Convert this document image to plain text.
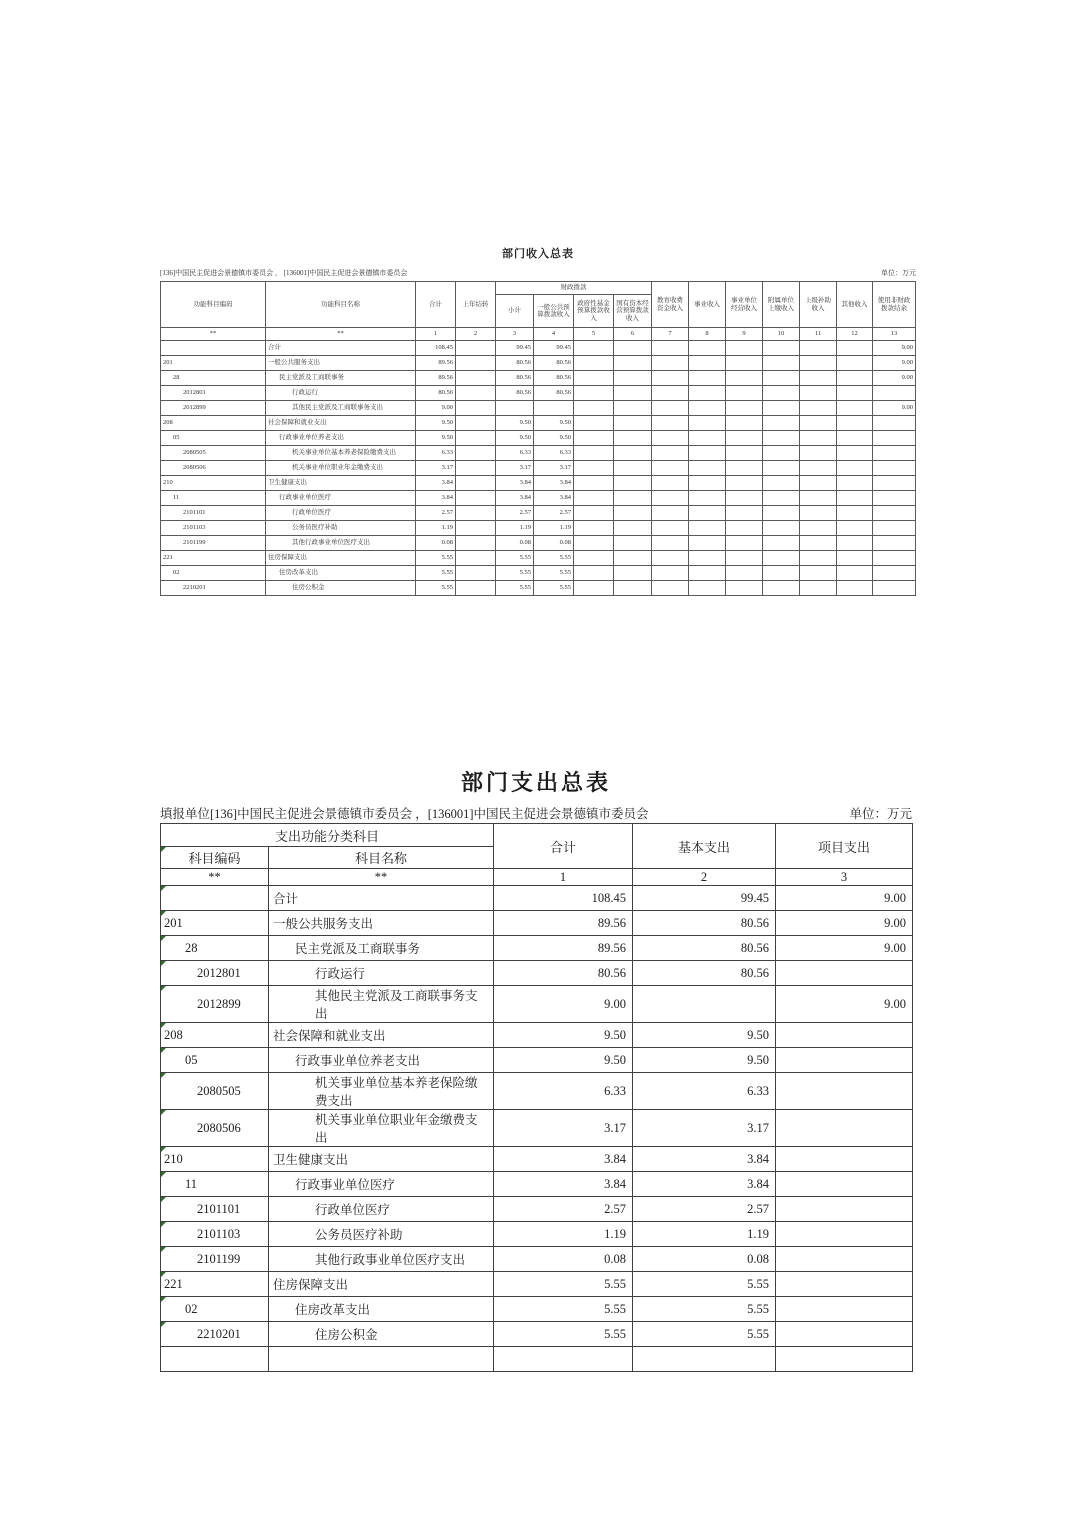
部门收入总表
[136]中国民主促进会景德镇市委员会 ， [136001]中国民主促进会景德镇市委员会	单位：万元
功能科目编码	功能科目名称	合计	上年结转	财政拨款				教育收费资金收入	事业收入	事业单位经营收入	附属单位上缴收入	上级补助收入	其他收入	使用非财政拨款结余
				小计	一般公共预算拨款收入	政府性基金预算拨款收入	国有资本经营预算拨款收入							
**	**	1	2	3	4	5	6	7	8	9	10	11	12	13
	合计	108.45		99.45	99.45									9.00
201	一般公共服务支出	89.56		80.56	80.56									9.00
28	民主党派及工商联事务	89.56		80.56	80.56									9.00
2012801	行政运行	80.56		80.56	80.56									
2012899	其他民主党派及工商联事务支出	9.00												9.00
208	社会保障和就业支出	9.50		9.50	9.50									
05	行政事业单位养老支出	9.50		9.50	9.50									
2080505	机关事业单位基本养老保险缴费支出	6.33		6.33	6.33									
2080506	机关事业单位职业年金缴费支出	3.17		3.17	3.17									
210	卫生健康支出	3.84		3.84	3.84									
11	行政事业单位医疗	3.84		3.84	3.84									
2101101	行政单位医疗	2.57		2.57	2.57									
2101103	公务员医疗补助	1.19		1.19	1.19									
2101199	其他行政事业单位医疗支出	0.08		0.08	0.08									
221	住房保障支出	5.55		5.55	5.55									
02	住房改革支出	5.55		5.55	5.55									
2210201	住房公积金	5.55		5.55	5.55									
部门支出总表
填报单位[136]中国民主促进会景德镇市委员会 ，[136001]中国民主促进会景德镇市委员会	单位：万元
支出功能分类科目		合计	基本支出	项目支出
科目编码	科目名称			
**	**	1	2	3
	合计	108.45	99.45	9.00
201	一般公共服务支出	89.56	80.56	9.00
28	民主党派及工商联事务	89.56	80.56	9.00
2012801	行政运行	80.56	80.56	
2012899	其他民主党派及工商联事务支出	9.00		9.00
208	社会保障和就业支出	9.50	9.50	
05	行政事业单位养老支出	9.50	9.50	
2080505	机关事业单位基本养老保险缴费支出	6.33	6.33	
2080506	机关事业单位职业年金缴费支出	3.17	3.17	
210	卫生健康支出	3.84	3.84	
11	行政事业单位医疗	3.84	3.84	
2101101	行政单位医疗	2.57	2.57	
2101103	公务员医疗补助	1.19	1.19	
2101199	其他行政事业单位医疗支出	0.08	0.08	
221	住房保障支出	5.55	5.55	
02	住房改革支出	5.55	5.55	
2210201	住房公积金	5.55	5.55	
